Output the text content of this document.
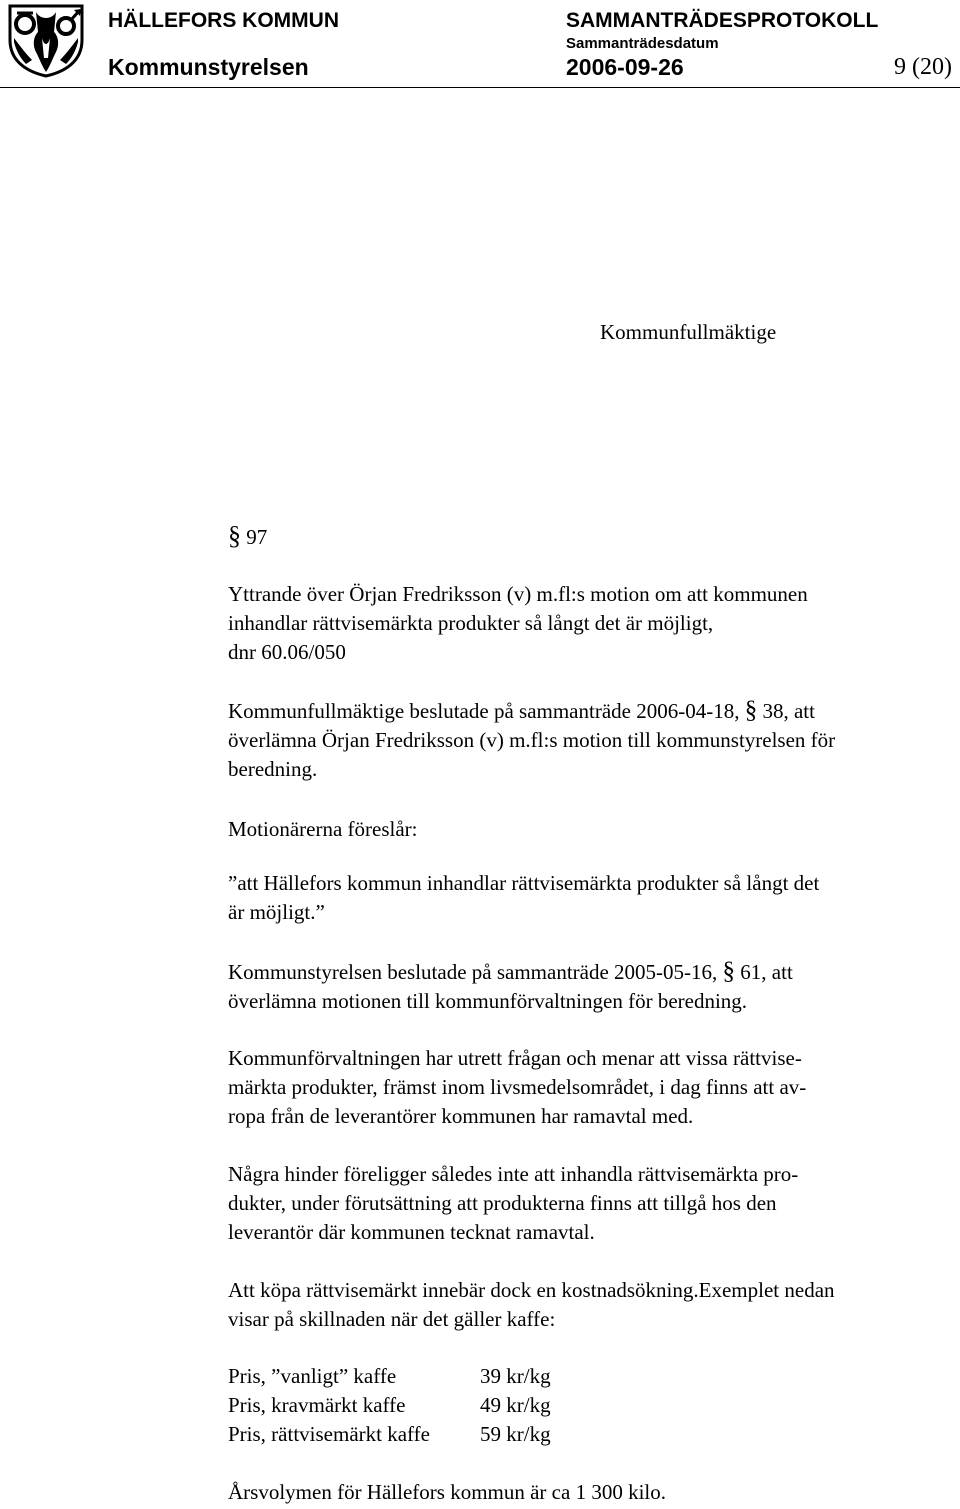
HÄLLEFORS KOMMUN
Kommunstyrelsen
SAMMANTRÄDESPROTOKOLL
Sammanträdesdatum
2006-09-26	9 (20)
Kommunfullmäktige
§ 97
Yttrande över Örjan Fredriksson (v) m.fl:s motion om att kommunen
inhandlar rättvisemärkta produkter så långt det är möjligt,
dnr 60.06/050
Kommunfullmäktige beslutade på sammanträde 2006-04-18, § 38, att
överlämna Örjan Fredriksson (v) m.fl:s motion till kommunstyrelsen för
beredning.
Motionärerna föreslår:
”att Hällefors kommun inhandlar rättvisemärkta produkter så långt det
är möjligt.”
Kommunstyrelsen beslutade på sammanträde 2005-05-16, § 61, att
överlämna motionen till kommunförvaltningen för beredning.
Kommunförvaltningen har utrett frågan och menar att vissa rättvise-
märkta produkter, främst inom livsmedelsområdet, i dag finns att av-
ropa från de leverantörer kommunen har ramavtal med.
Några hinder föreligger således inte att inhandla rättvisemärkta pro-
dukter, under förutsättning att produkterna finns att tillgå hos den
leverantör där kommunen tecknat ramavtal.
Att köpa rättvisemärkt innebär dock en kostnadsökning.Exemplet nedan
visar på skillnaden när det gäller kaffe:
Pris, ”vanligt” kaffe	39 kr/kg
Pris, kravmärkt kaffe	49 kr/kg
Pris, rättvisemärkt kaffe 59 kr/kg
Årsvolymen för Hällefors kommun är ca 1 300 kilo.
